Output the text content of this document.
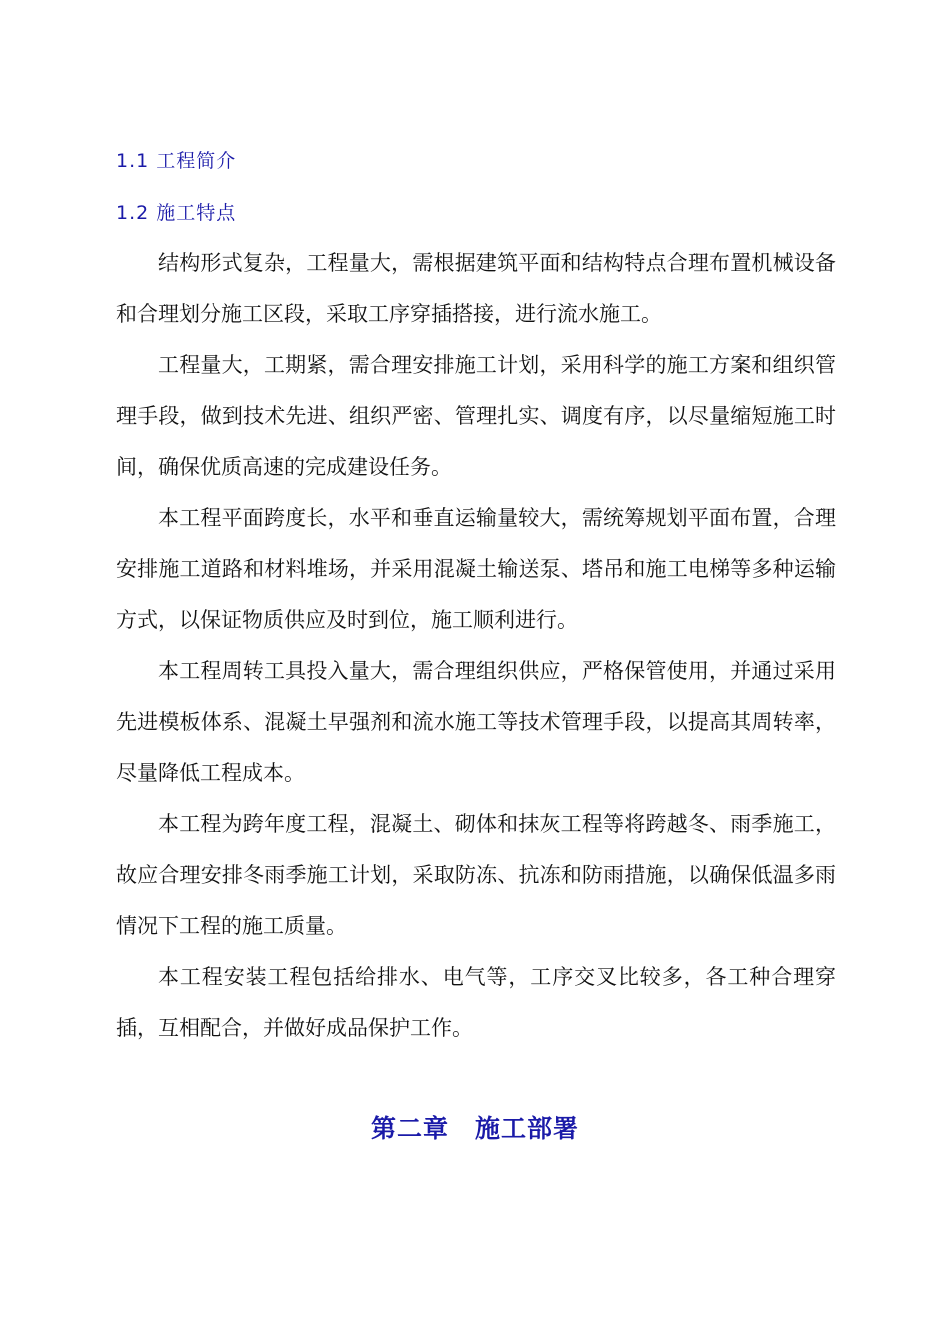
1.1 工程简介
1.2 施工特点

结构形式复杂，工程量大，需根据建筑平面和结构特点合理布置机械设备和合理划分施工区段，采取工序穿插搭接，进行流水施工。

工程量大，工期紧，需合理安排施工计划，采用科学的施工方案和组织管理手段，做到技术先进、组织严密、管理扎实、调度有序，以尽量缩短施工时间，确保优质高速的完成建设任务。

本工程平面跨度长，水平和垂直运输量较大，需统筹规划平面布置，合理安排施工道路和材料堆场，并采用混凝土输送泵、塔吊和施工电梯等多种运输方式，以保证物质供应及时到位，施工顺利进行。

本工程周转工具投入量大，需合理组织供应，严格保管使用，并通过采用先进模板体系、混凝土早强剂和流水施工等技术管理手段，以提高其周转率，尽量降低工程成本。

本工程为跨年度工程，混凝土、砌体和抹灰工程等将跨越冬、雨季施工，故应合理安排冬雨季施工计划，采取防冻、抗冻和防雨措施，以确保低温多雨情况下工程的施工质量。

本工程安装工程包括给排水、电气等，工序交叉比较多，各工种合理穿插，互相配合，并做好成品保护工作。

第二章　施工部署
